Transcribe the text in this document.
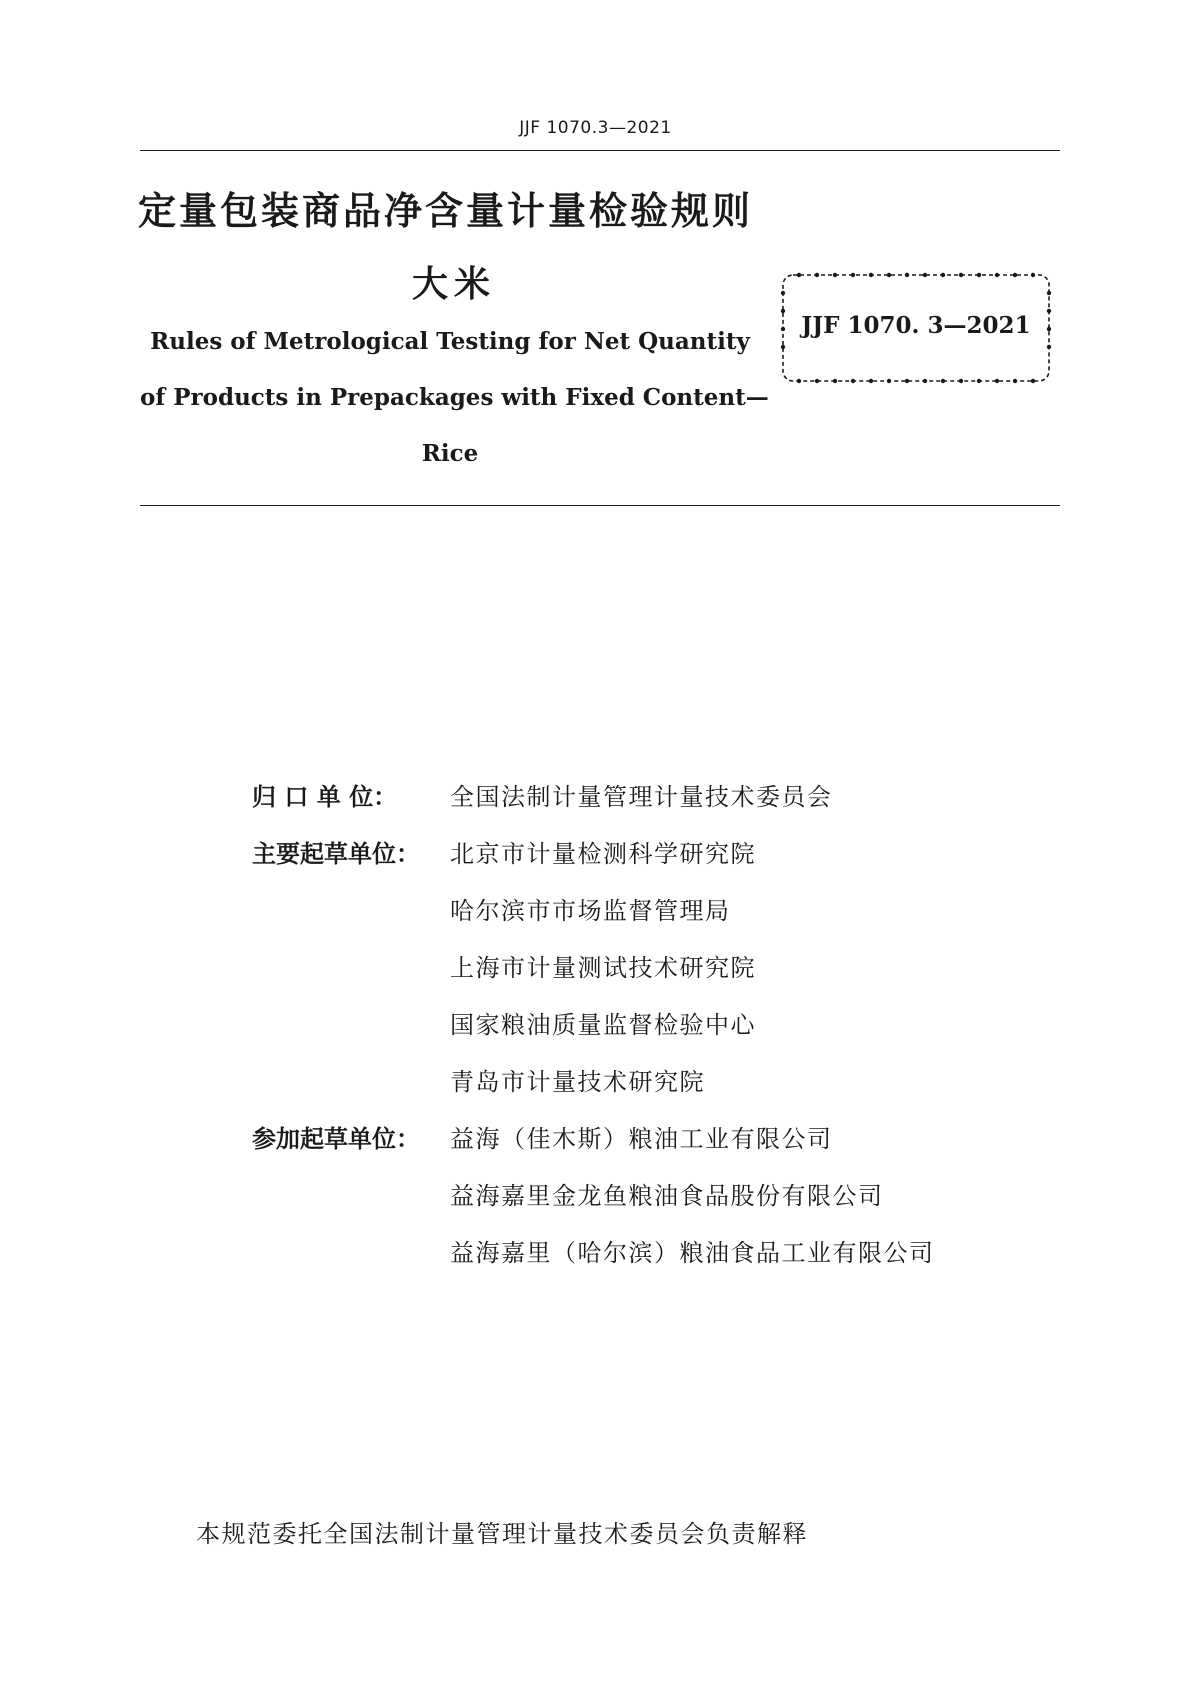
JJF 1070.3—2021
定量包装商品净含量计量检验规则
大米
Rules of Metrological Testing for Net Quantity
of Products in Prepackages with Fixed Content—
Rice
JJF 1070. 3—2021
归 口 单 位： 全国法制计量管理计量技术委员会
主要起草单位： 北京市计量检测科学研究院
哈尔滨市市场监督管理局
上海市计量测试技术研究院
国家粮油质量监督检验中心
青岛市计量技术研究院
参加起草单位： 益海（佳木斯）粮油工业有限公司
益海嘉里金龙鱼粮油食品股份有限公司
益海嘉里（哈尔滨）粮油食品工业有限公司
本规范委托全国法制计量管理计量技术委员会负责解释
